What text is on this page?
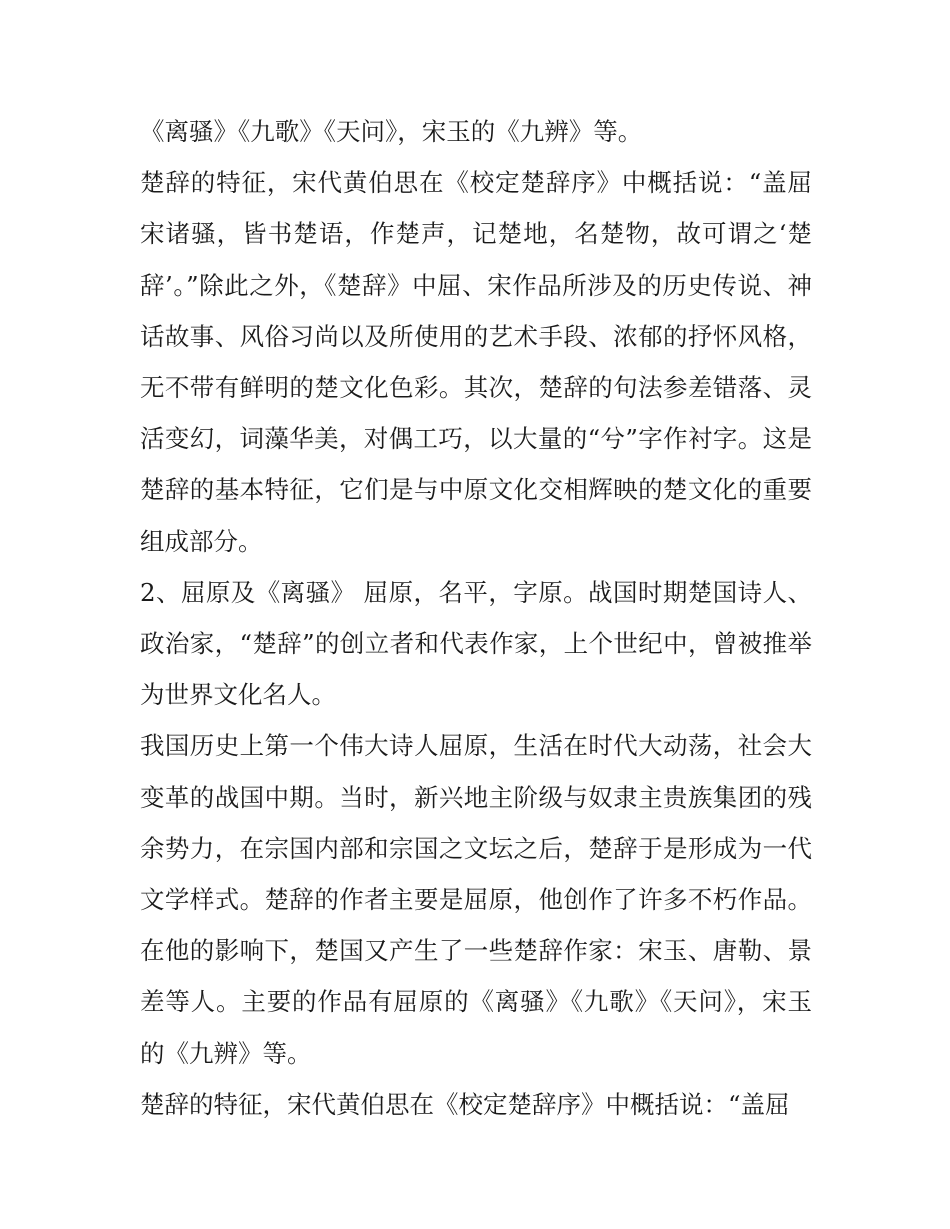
《离骚》《九歌》《天问》，宋玉的《九辨》等。

楚辞的特征，宋代黄伯思在《校定楚辞序》中概括说：“盖屈宋诸骚，皆书楚语，作楚声，记楚地，名楚物，故可谓之‘楚辞’。”除此之外，《楚辞》中屈、宋作品所涉及的历史传说、神话故事、风俗习尚以及所使用的艺术手段、浓郁的抒怀风格，无不带有鲜明的楚文化色彩。其次，楚辞的句法参差错落、灵活变幻，词藻华美，对偶工巧，以大量的“兮”字作衬字。这是楚辞的基本特征，它们是与中原文化交相辉映的楚文化的重要组成部分。

2、屈原及《离骚》 屈原，名平，字原。战国时期楚国诗人、政治家，“楚辞”的创立者和代表作家，上个世纪中，曾被推举为世界文化名人。

我国历史上第一个伟大诗人屈原，生活在时代大动荡，社会大变革的战国中期。当时，新兴地主阶级与奴隶主贵族集团的残余势力，在宗国内部和宗国之文坛之后，楚辞于是形成为一代文学样式。楚辞的作者主要是屈原，他创作了许多不朽作品。在他的影响下，楚国又产生了一些楚辞作家：宋玉、唐勒、景差等人。主要的作品有屈原的《离骚》《九歌》《天问》，宋玉的《九辨》等。

楚辞的特征，宋代黄伯思在《校定楚辞序》中概括说：“盖屈
